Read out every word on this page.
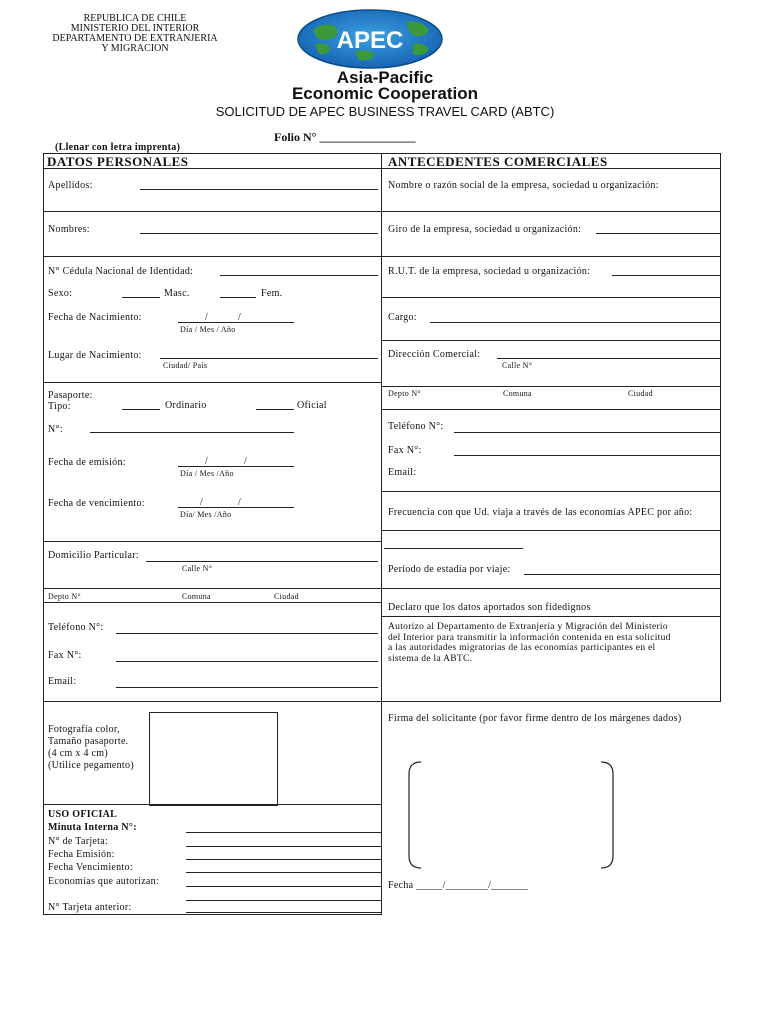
REPUBLICA DE CHILE
MINISTERIO DEL INTERIOR
DEPARTAMENTO DE EXTRANJERIA
Y MIGRACION	APEC
Asia-Pacific
Economic Cooperation
SOLICITUD DE APEC BUSINESS TRAVEL CARD (ABTC)
Folio N° ________________
(Llenar con letra imprenta)
DATOS PERSONALES	ANTECEDENTES COMERCIALES
Apellidos:
Nombres:
N° Cédula Nacional de Identidad:
Sexo:	Masc.	Fem.
Fecha de Nacimiento:	/	/
Día / Mes / Año
Lugar de Nacimiento:
Ciudad/ País
Pasaporte:
Tipo:	Ordinario	Oficial
N°:
Fecha de emisión:	/	/
Día / Mes /Año
Fecha de vencimiento:	/	/
Día/ Mes /Año
Domicilio Particular:
Calle N°
Depto N°	Comuna	Ciudad
Teléfono N°:
Fax N°:
Email:
Fotografía color,
Tamaño pasaporte.
(4 cm x 4 cm)
(Utilice pegamento)
USO OFICIAL
Minuta Interna N°:
N° de Tarjeta:
Fecha Emisión:
Fecha Vencimiento:
Economías que autorizan:
N° Tarjeta anterior:
Nombre o razón social de la empresa, sociedad u organización:
Giro de la empresa, sociedad u organización:
R.U.T. de la empresa, sociedad u organización:
Cargo:
Dirección Comercial:
Calle N°
Depto N°	Comuna	Ciudad
Teléfono N°:
Fax N°:
Email:
Frecuencia con que Ud. viaja a través de las economías APEC por año:
Período de estadía por viaje:
Declaro que los datos aportados son fidedignos
Autorizo al Departamento de Extranjería y Migración del Ministerio
del Interior para transmitir la información contenida en esta solicitud
a las autoridades migratorias de las economías participantes en el
sistema de la ABTC.
Firma del solicitante (por favor firme dentro de los márgenes dados)
Fecha _____/________/_______
